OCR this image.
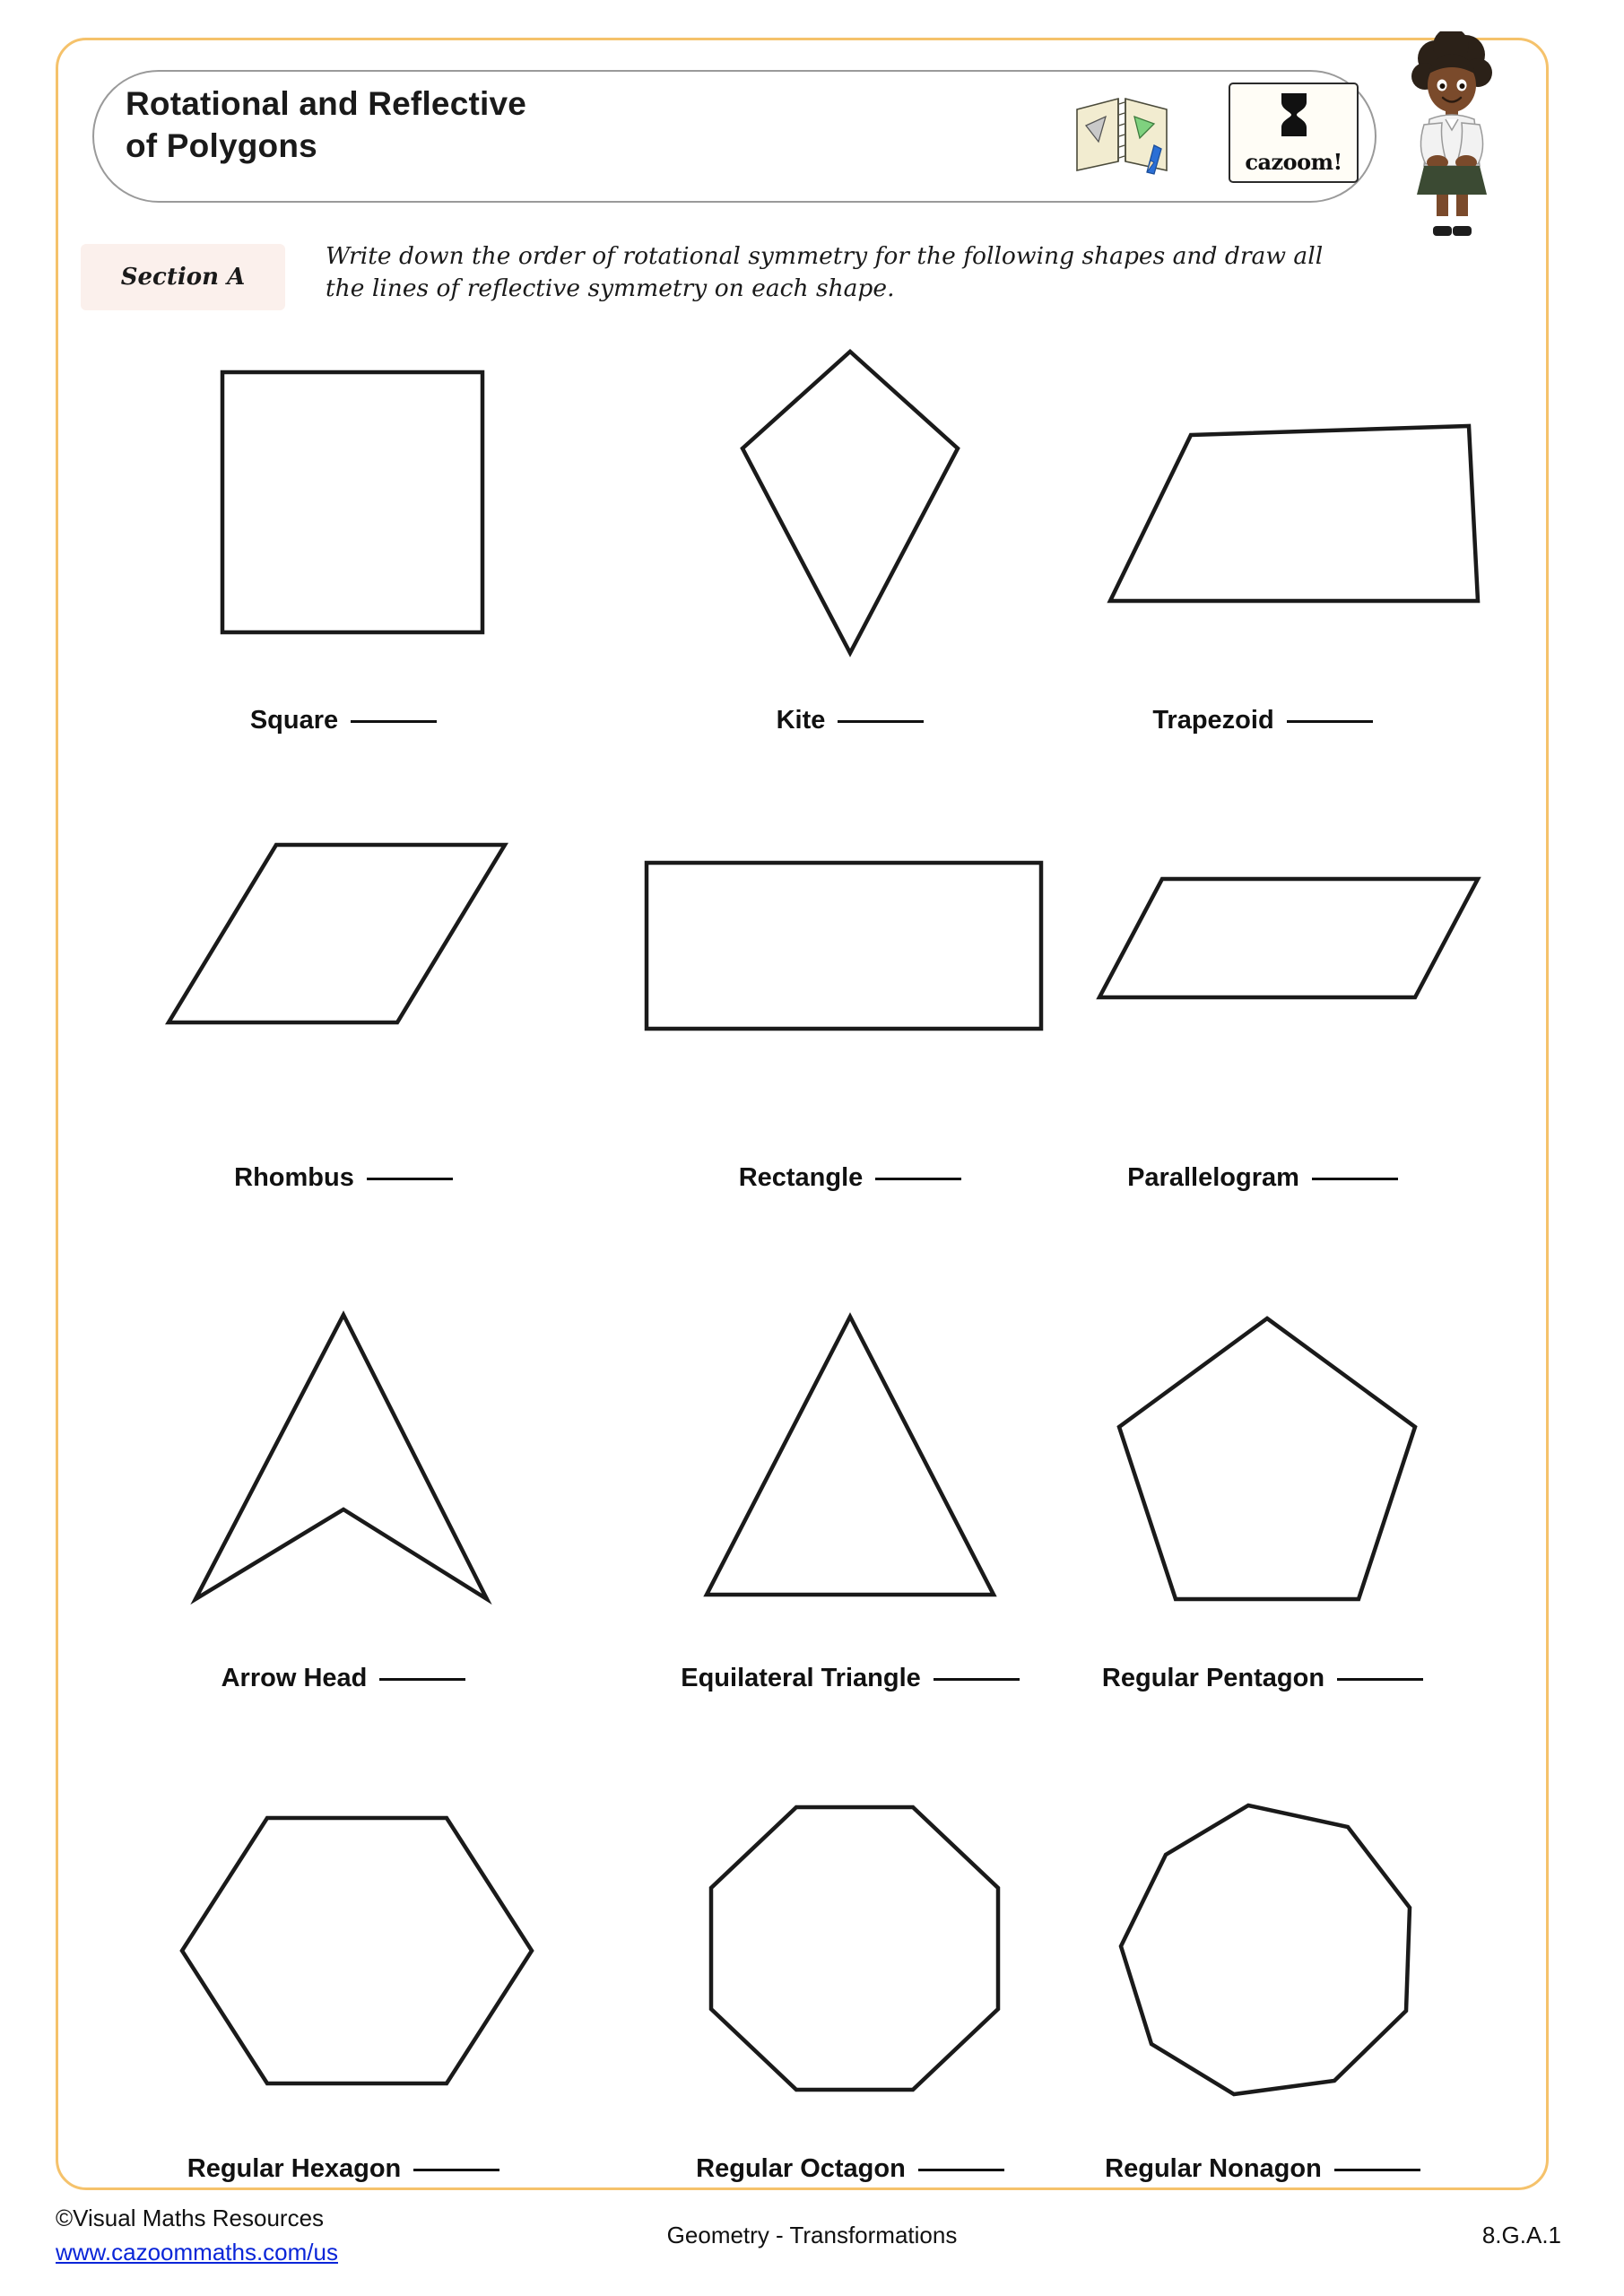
Rotational and Reflective
of Polygons	cazoom!
Section A
Write down the order of rotational symmetry for the following shapes and draw all the lines of reflective symmetry on each shape.
Square	Kite	Trapezoid
Rhombus	Rectangle	Parallelogram
Arrow Head	Equilateral Triangle	Regular Pentagon
Regular Hexagon	Regular Octagon	Regular Nonagon
©Visual Maths Resources
www.cazoommaths.com/us
Geometry - Transformations	8.G.A.1
